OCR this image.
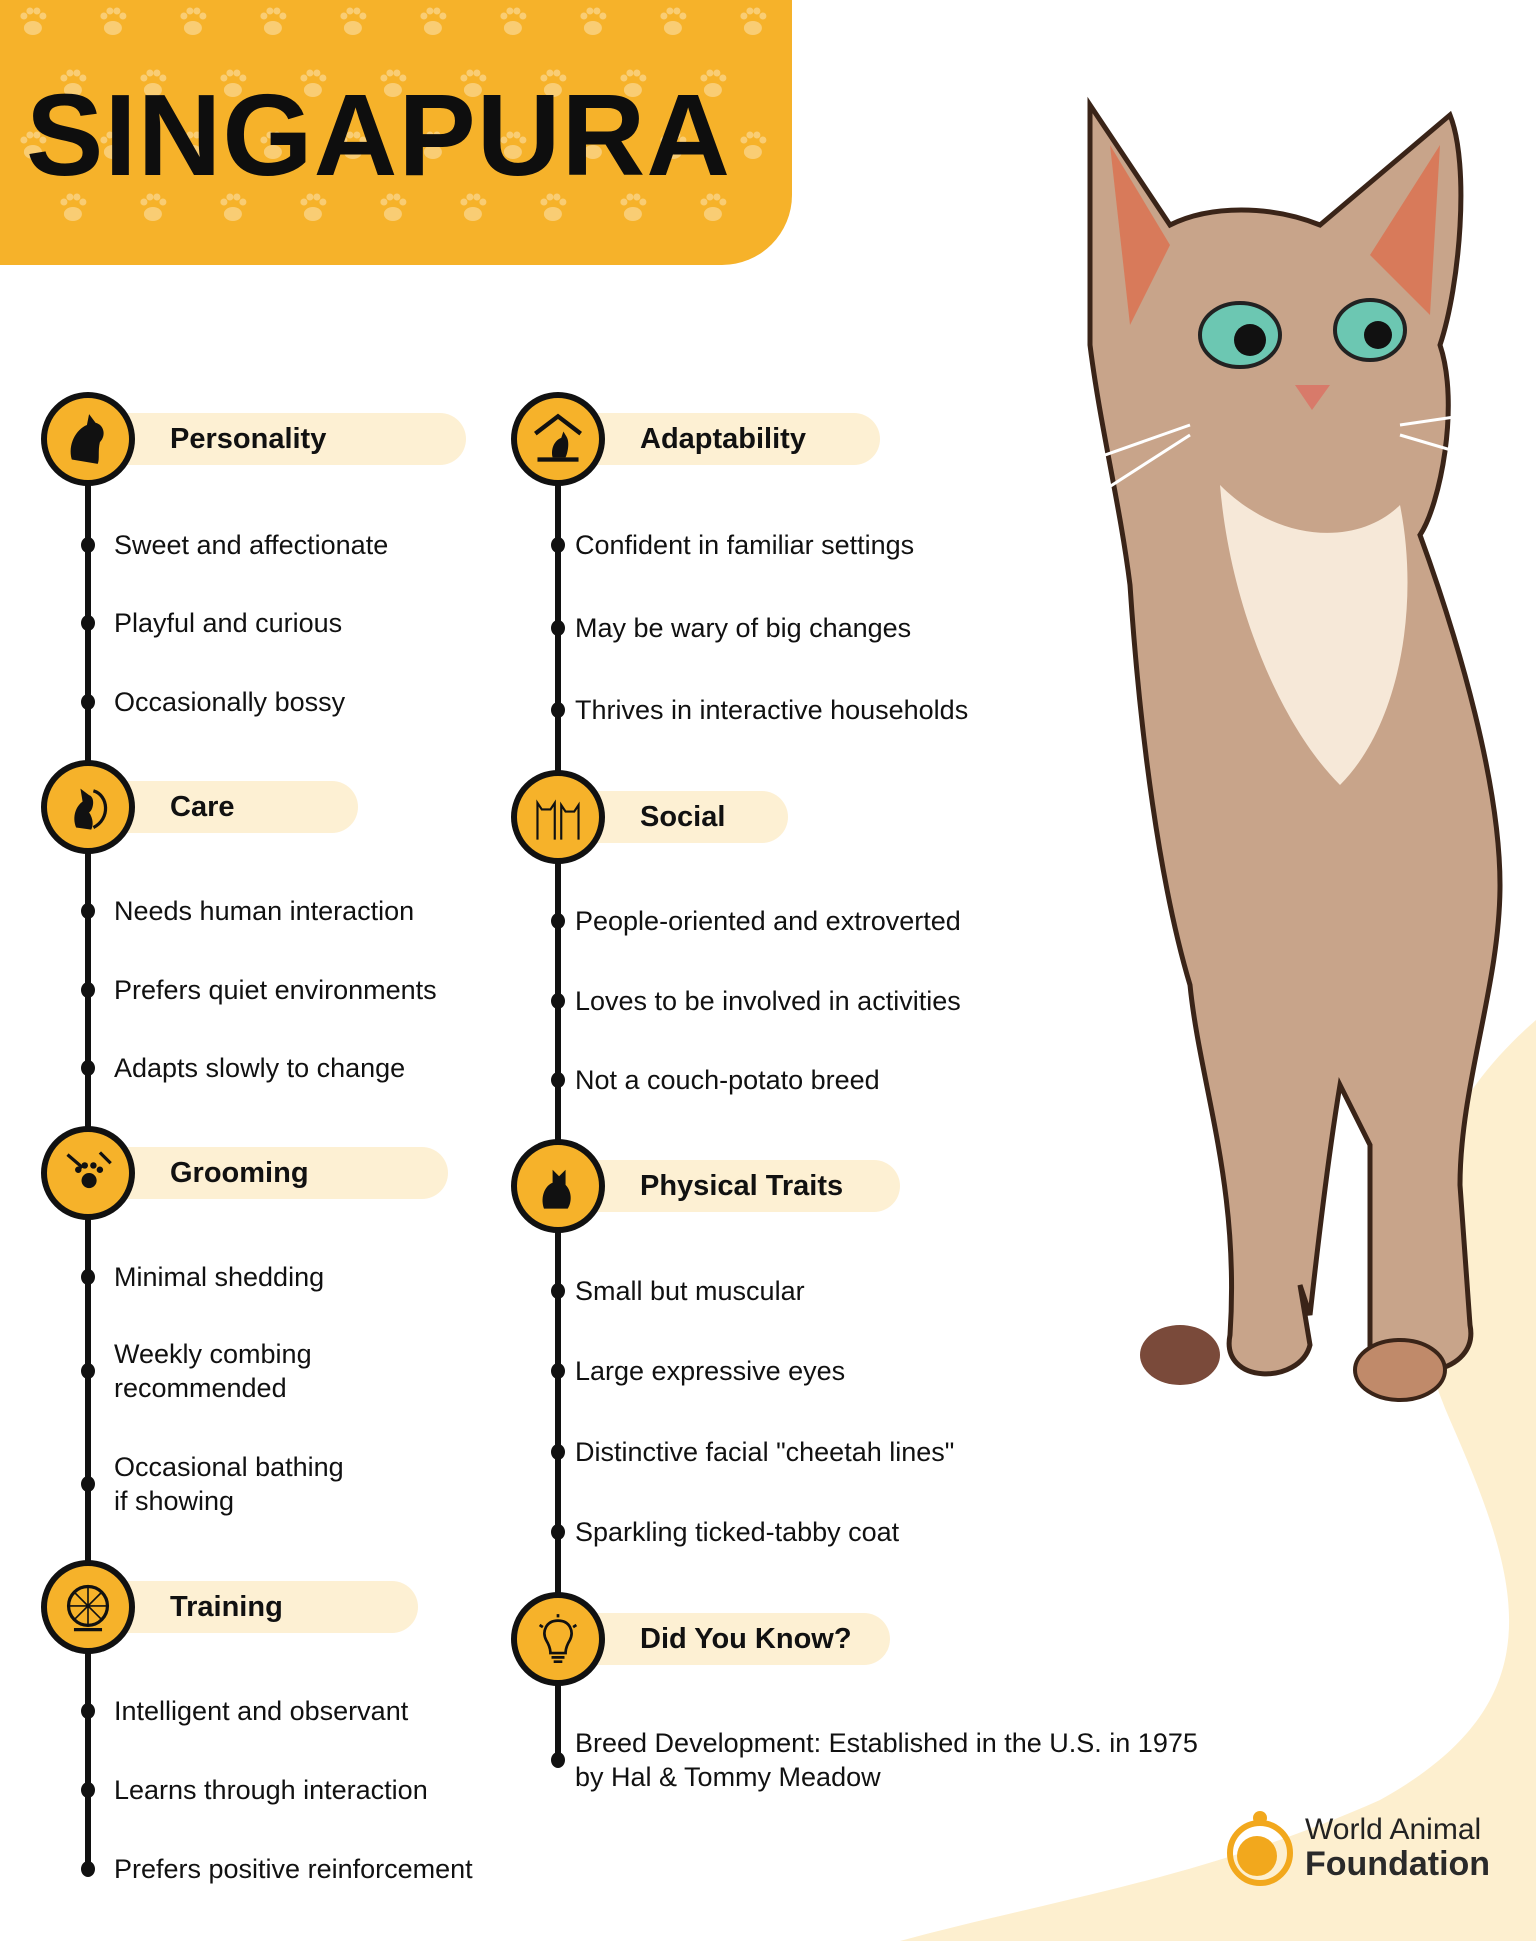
SINGAPURA
Personality
Sweet and affectionate
Playful and curious
Occasionally bossy
Care
Needs human interaction
Prefers quiet environments
Adapts slowly to change
Grooming
Minimal shedding
Weekly combing
recommended
Occasional bathing
if showing
Training
Intelligent and observant
Learns through interaction
Prefers positive reinforcement
Adaptability
Confident in familiar settings
May be wary of big changes
Thrives in interactive households
Social
People-oriented and extroverted
Loves to be involved in activities
Not a couch-potato breed
Physical Traits
Small but muscular
Large expressive eyes
Distinctive facial "cheetah lines"
Sparkling ticked-tabby coat
Did You Know?
Breed Development: Established in the U.S. in 1975
by Hal & Tommy Meadow
World Animal
Foundation
